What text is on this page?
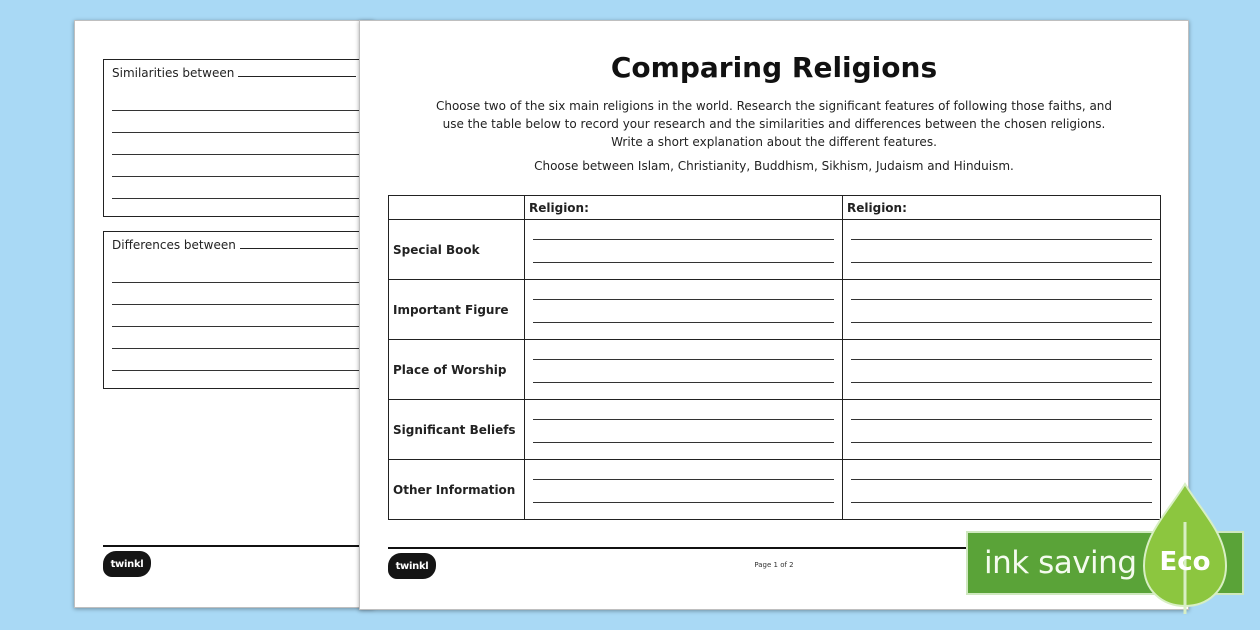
Similarities between
Differences between
twinkl
Comparing Religions
Choose two of the six main religions in the world. Research the significant features of following those faiths, and use the table below to record your research and the similarities and differences between the chosen religions. Write a short explanation about the different features.
Choose between Islam, Christianity, Buddhism, Sikhism, Judaism and Hinduism.
	Religion:	Religion:
Special Book	

Important Figure	

Place of Worship	

Significant Beliefs	

Other Information	

twinkl	Page 1 of 2	ink saving Eco
